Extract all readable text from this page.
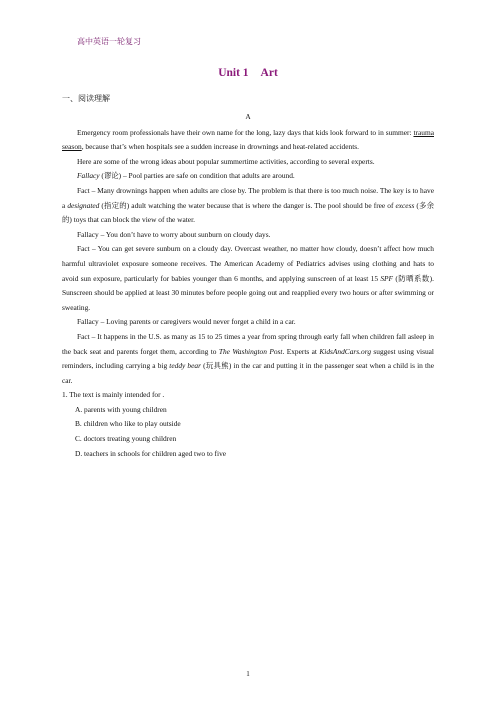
高中英语一轮复习
Unit 1 Art
一、阅读理解

A

Emergency room professionals have their own name for the long, lazy days that kids look forward to in summer: trauma season, because that’s when hospitals see a sudden increase in drownings and heat-related accidents.

Here are some of the wrong ideas about popular summertime activities, according to several experts.

Fallacy (谬论) – Pool parties are safe on condition that adults are around.

Fact – Many drownings happen when adults are close by. The problem is that there is too much noise. The key is to have a designated (指定的) adult watching the water because that is where the danger is. The pool should be free of excess (多余的) toys that can block the view of the water.

Fallacy – You don’t have to worry about sunburn on cloudy days.

Fact – You can get severe sunburn on a cloudy day. Overcast weather, no matter how cloudy, doesn’t affect how much harmful ultraviolet exposure someone receives. The American Academy of Pediatrics advises using clothing and hats to avoid sun exposure, particularly for babies younger than 6 months, and applying sunscreen of at least 15 SPF (防晒系数). Sunscreen should be applied at least 30 minutes before people going out and reapplied every two hours or after swimming or sweating.

Fallacy – Loving parents or caregivers would never forget a child in a car.

Fact – It happens in the U.S. as many as 15 to 25 times a year from spring through early fall when children fall asleep in the back seat and parents forget them, according to The Washington Post. Experts at KidsAndCars.org suggest using visual reminders, including carrying a big teddy bear (玩具熊) in the car and putting it in the passenger seat when a child is in the car.

1. The text is mainly intended for .

A. parents with young children

B. children who like to play outside

C. doctors treating young children

D. teachers in schools for children aged two to five

1
